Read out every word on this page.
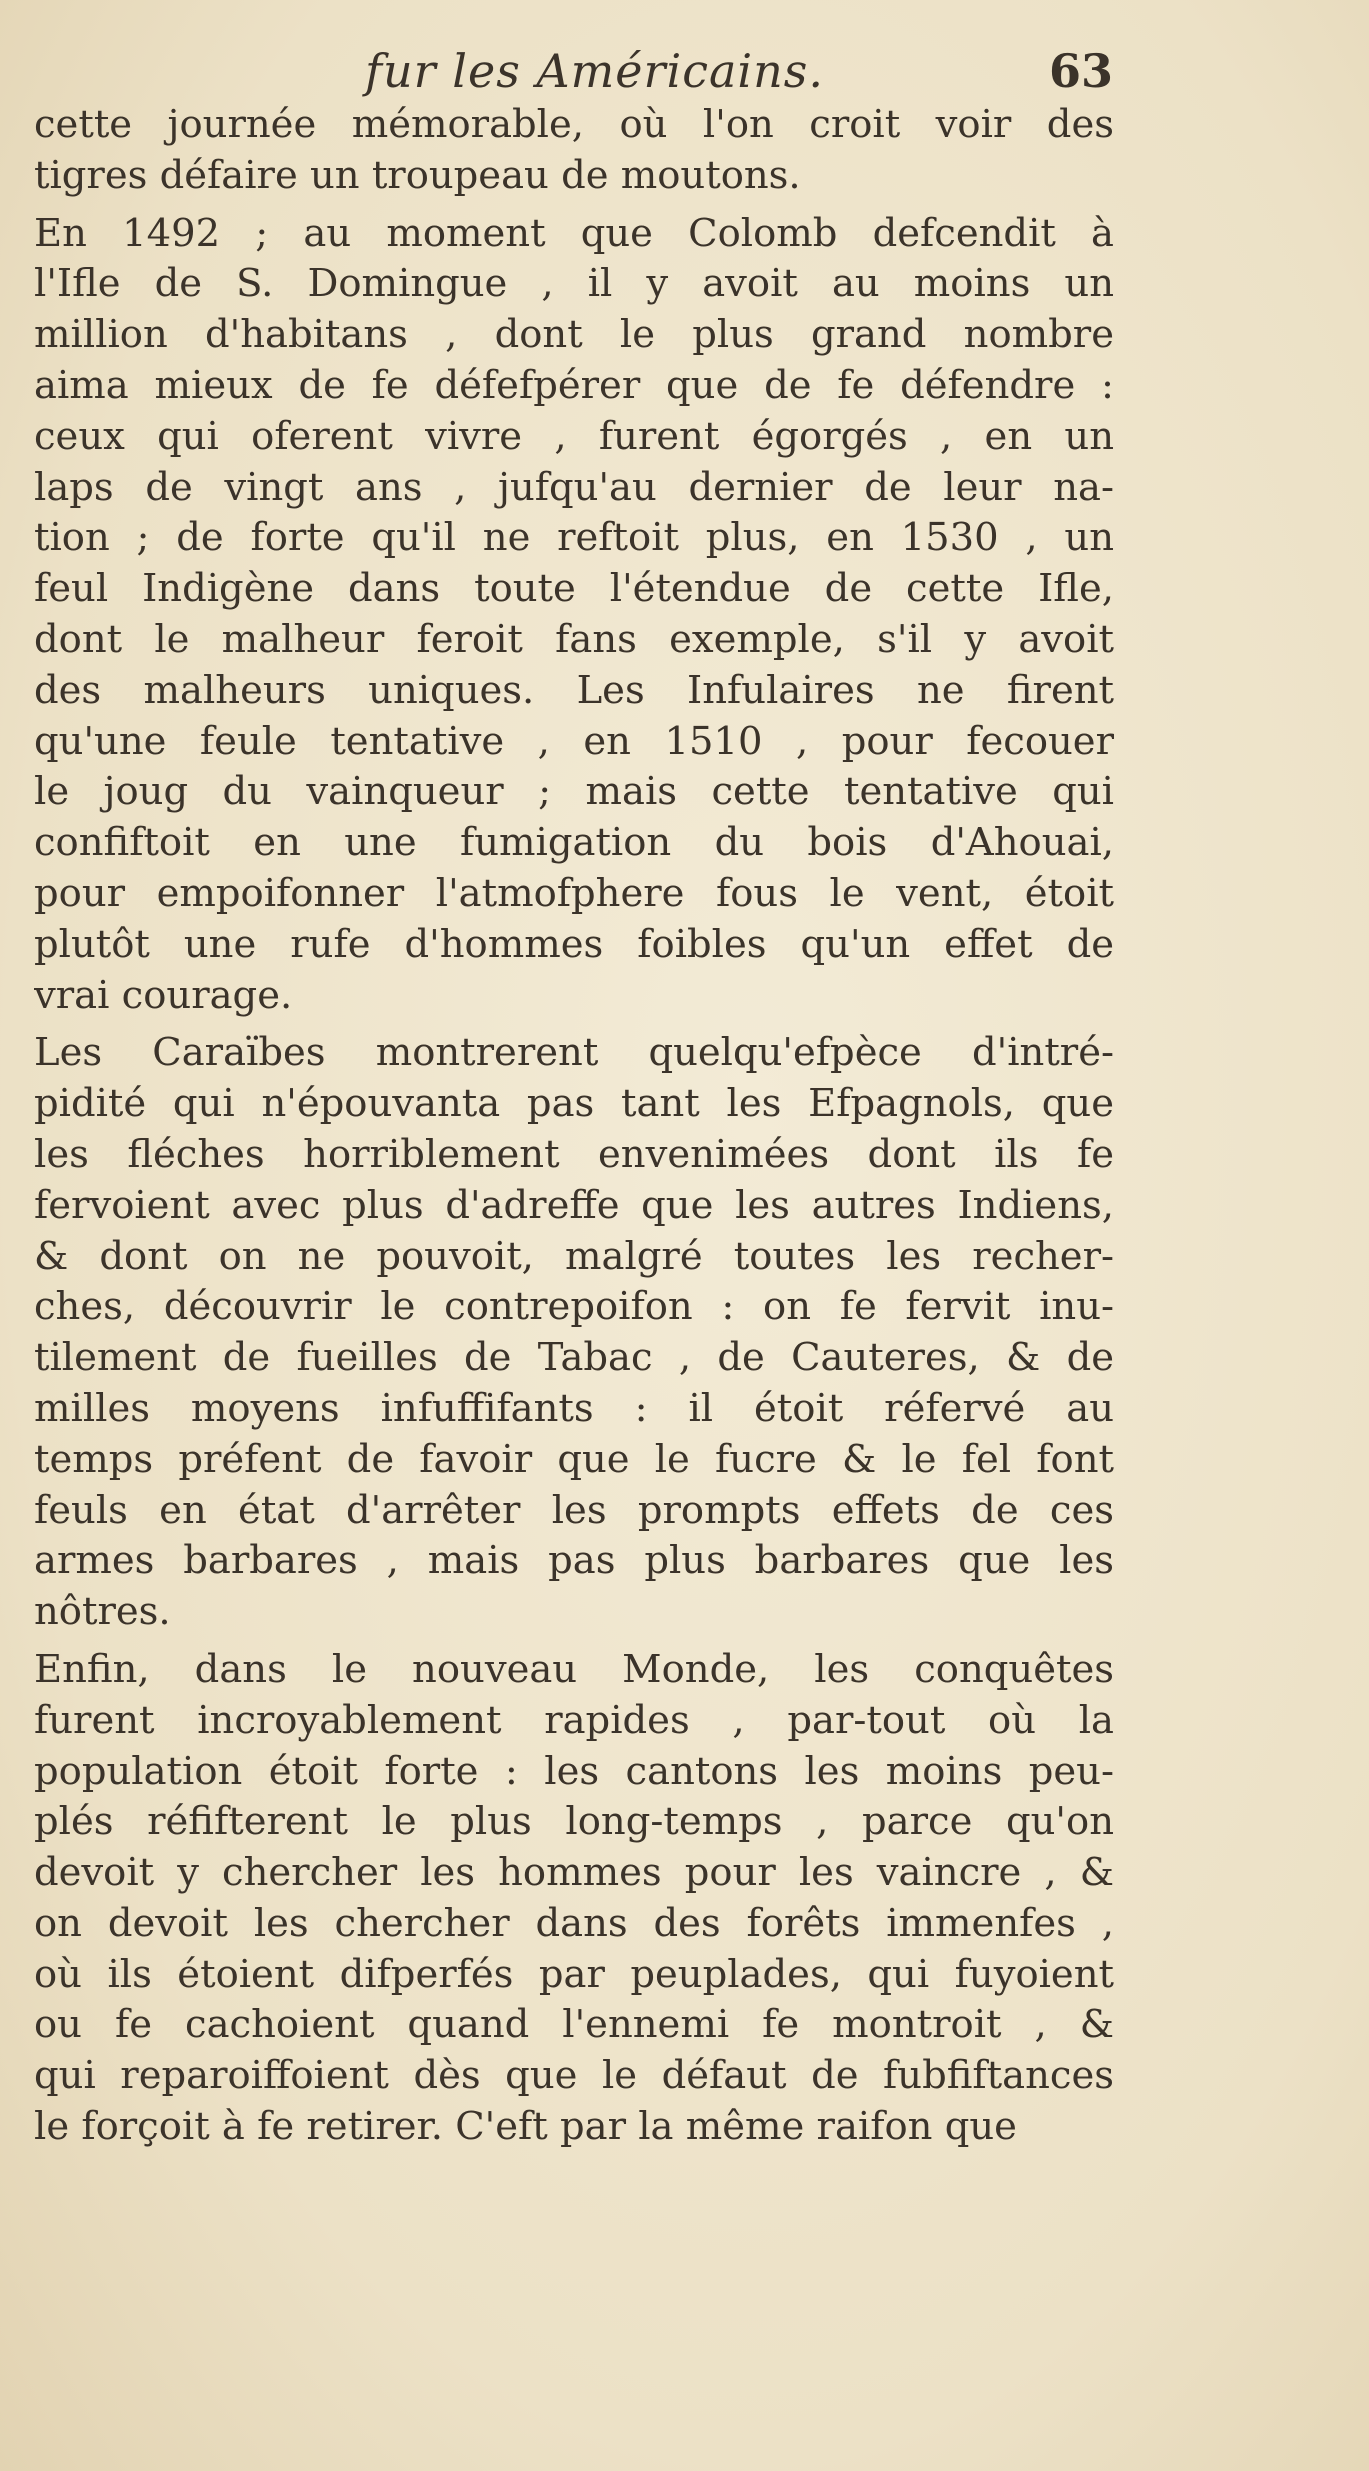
fur les Américains.	63
cette journée mémorable, où l'on croit voir des
tigres défaire un troupeau de moutons.
En 1492 ; au moment que Colomb defcendit à
l'Ifle de S. Domingue , il y avoit au moins un
million d'habitans , dont le plus grand nombre
aima mieux de fe défefpérer que de fe défendre :
ceux qui oferent vivre , furent égorgés , en un
laps de vingt ans , jufqu'au dernier de leur na-
tion ; de forte qu'il ne reftoit plus, en 1530 , un
feul Indigène dans toute l'étendue de cette Ifle,
dont le malheur feroit fans exemple, s'il y avoit
des malheurs uniques. Les Infulaires ne firent
qu'une feule tentative , en 1510 , pour fecouer
le joug du vainqueur ; mais cette tentative qui
confiftoit en une fumigation du bois d'Ahouai,
pour empoifonner l'atmofphere fous le vent, étoit
plutôt une rufe d'hommes foibles qu'un effet de
vrai courage.
Les Caraïbes montrerent quelqu'efpèce d'intré-
pidité qui n'épouvanta pas tant les Efpagnols, que
les fléches horriblement envenimées dont ils fe
fervoient avec plus d'adreffe que les autres Indiens,
& dont on ne pouvoit, malgré toutes les recher-
ches, découvrir le contrepoifon : on fe fervit inu-
tilement de fueilles de Tabac , de Cauteres, & de
milles moyens infuffifants : il étoit réfervé au
temps préfent de favoir que le fucre & le fel font
feuls en état d'arrêter les prompts effets de ces
armes barbares , mais pas plus barbares que les
nôtres.
Enfin, dans le nouveau Monde, les conquêtes
furent incroyablement rapides , par-tout où la
population étoit forte : les cantons les moins peu-
plés réfifterent le plus long-temps , parce qu'on
devoit y chercher les hommes pour les vaincre , &
on devoit les chercher dans des forêts immenfes ,
où ils étoient difperfés par peuplades, qui fuyoient
ou fe cachoient quand l'ennemi fe montroit , &
qui reparoiffoient dès que le défaut de fubfiftances
le forçoit à fe retirer. C'eft par la même raifon que
